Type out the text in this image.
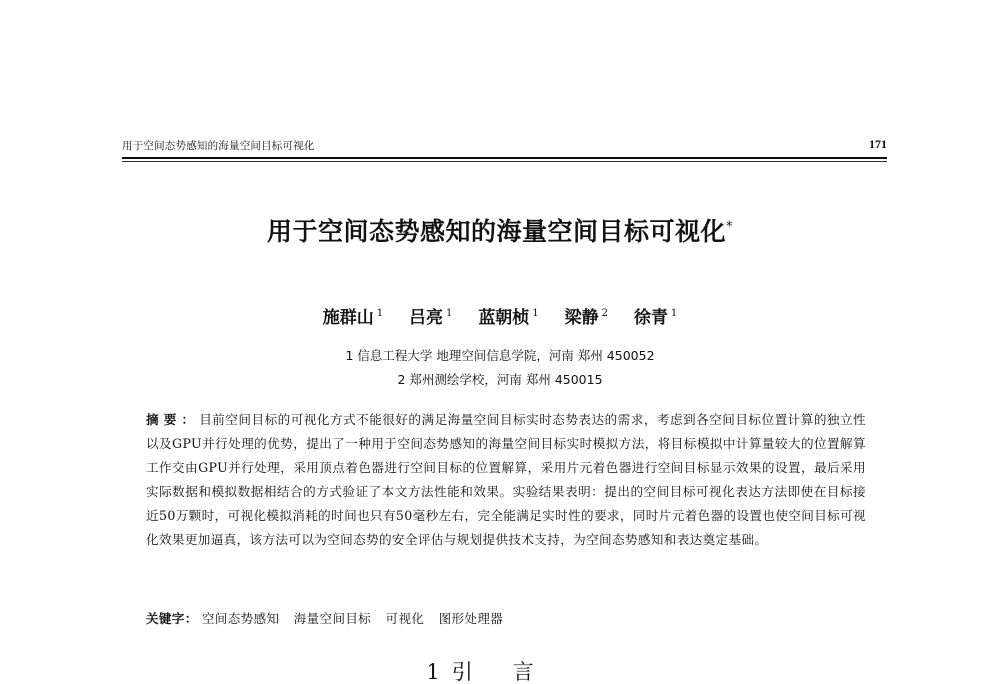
用于空间态势感知的海量空间目标可视化	171
用于空间态势感知的海量空间目标可视化*
施群山 $^1$ 吕亮 $^1$ 蓝朝桢 $^1$ 梁静 $^2$ 徐青 $^1$
1 信息工程大学 地理空间信息学院，河南 郑州 450052
2 郑州测绘学校，河南 郑州 450015
摘要：目前空间目标的可视化方式不能很好的满足海量空间目标实时态势表达的需求，考虑到各空间目标位置计算的独立性以及GPU并行处理的优势，提出了一种用于空间态势感知的海量空间目标实时模拟方法，将目标模拟中计算量较大的位置解算工作交由GPU并行处理，采用顶点着色器进行空间目标的位置解算，采用片元着色器进行空间目标显示效果的设置，最后采用实际数据和模拟数据相结合的方式验证了本文方法性能和效果。实验结果表明：提出的空间目标可视化表达方法即使在目标接近50万颗时，可视化模拟消耗的时间也只有50毫秒左右，完全能满足实时性的要求，同时片元着色器的设置也使空间目标可视化效果更加逼真，该方法可以为空间态势的安全评估与规划提供技术支持，为空间态势感知和表达奠定基础。
关键字： 空间态势感知 海量空间目标 可视化 图形处理器
1 引言
